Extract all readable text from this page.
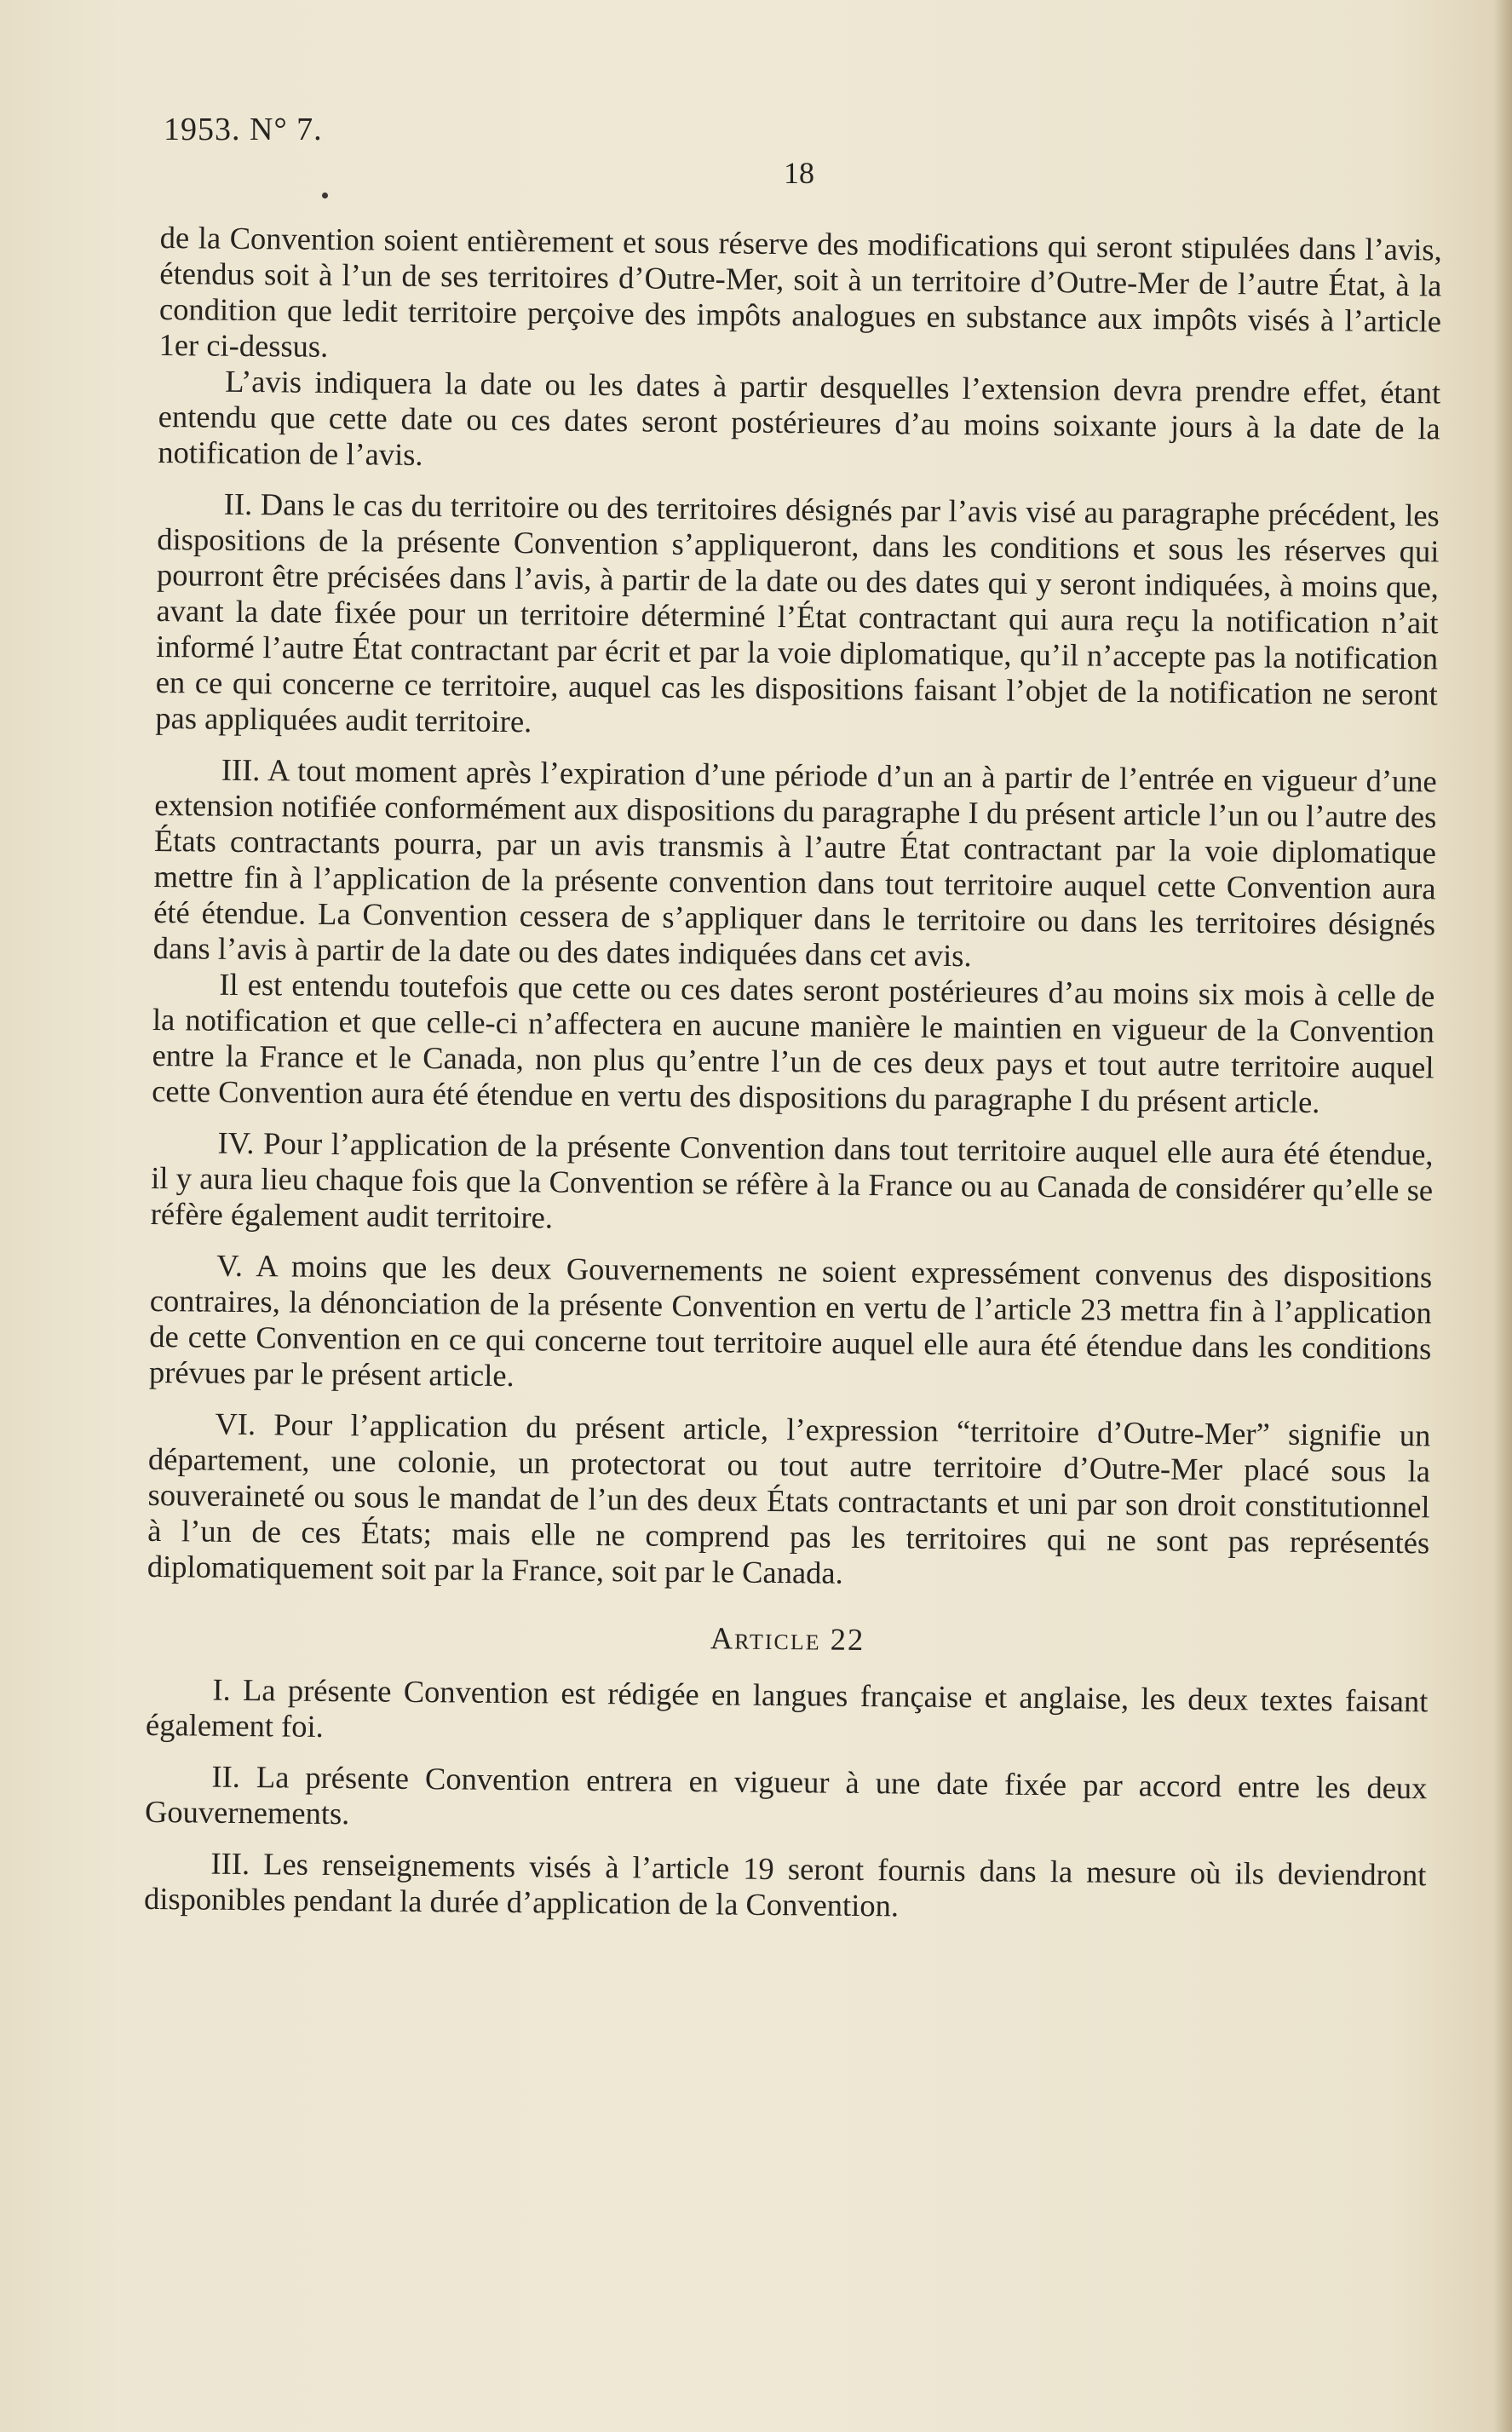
1953. N° 7.
18

de la Convention soient entièrement et sous réserve des modifications qui seront stipulées dans l’avis, étendus soit à l’un de ses territoires d’Outre-Mer, soit à un territoire d’Outre-Mer de l’autre État, à la condition que ledit territoire perçoive des impôts analogues en substance aux impôts visés à l’article 1er ci-dessus.

L’avis indiquera la date ou les dates à partir desquelles l’extension devra prendre effet, étant entendu que cette date ou ces dates seront postérieures d’au moins soixante jours à la date de la notification de l’avis.

II. Dans le cas du territoire ou des territoires désignés par l’avis visé au paragraphe précédent, les dispositions de la présente Convention s’appliqueront, dans les conditions et sous les réserves qui pourront être précisées dans l’avis, à partir de la date ou des dates qui y seront indiquées, à moins que, avant la date fixée pour un territoire déterminé l’État contractant qui aura reçu la notification n’ait informé l’autre État contractant par écrit et par la voie diplomatique, qu’il n’accepte pas la notification en ce qui concerne ce territoire, auquel cas les dispositions faisant l’objet de la notification ne seront pas appliquées audit territoire.

III. A tout moment après l’expiration d’une période d’un an à partir de l’entrée en vigueur d’une extension notifiée conformément aux dispositions du paragraphe I du présent article l’un ou l’autre des États contractants pourra, par un avis transmis à l’autre État contractant par la voie diplomatique mettre fin à l’application de la présente convention dans tout territoire auquel cette Convention aura été étendue. La Convention cessera de s’appliquer dans le territoire ou dans les territoires désignés dans l’avis à partir de la date ou des dates indiquées dans cet avis.

Il est entendu toutefois que cette ou ces dates seront postérieures d’au moins six mois à celle de la notification et que celle-ci n’affectera en aucune manière le maintien en vigueur de la Convention entre la France et le Canada, non plus qu’entre l’un de ces deux pays et tout autre territoire auquel cette Convention aura été étendue en vertu des dispositions du paragraphe I du présent article.

IV. Pour l’application de la présente Convention dans tout territoire auquel elle aura été étendue, il y aura lieu chaque fois que la Convention se réfère à la France ou au Canada de considérer qu’elle se réfère également audit territoire.

V. A moins que les deux Gouvernements ne soient expressément convenus des dispositions contraires, la dénonciation de la présente Convention en vertu de l’article 23 mettra fin à l’application de cette Convention en ce qui concerne tout territoire auquel elle aura été étendue dans les conditions prévues par le présent article.

VI. Pour l’application du présent article, l’expression “territoire d’Outre-Mer” signifie un département, une colonie, un protectorat ou tout autre territoire d’Outre-Mer placé sous la souveraineté ou sous le mandat de l’un des deux États contractants et uni par son droit constitutionnel à l’un de ces États; mais elle ne comprend pas les territoires qui ne sont pas représentés diplomatiquement soit par la France, soit par le Canada.

Article 22

I. La présente Convention est rédigée en langues française et anglaise, les deux textes faisant également foi.

II. La présente Convention entrera en vigueur à une date fixée par accord entre les deux Gouvernements.

III. Les renseignements visés à l’article 19 seront fournis dans la mesure où ils deviendront disponibles pendant la durée d’application de la Convention.
